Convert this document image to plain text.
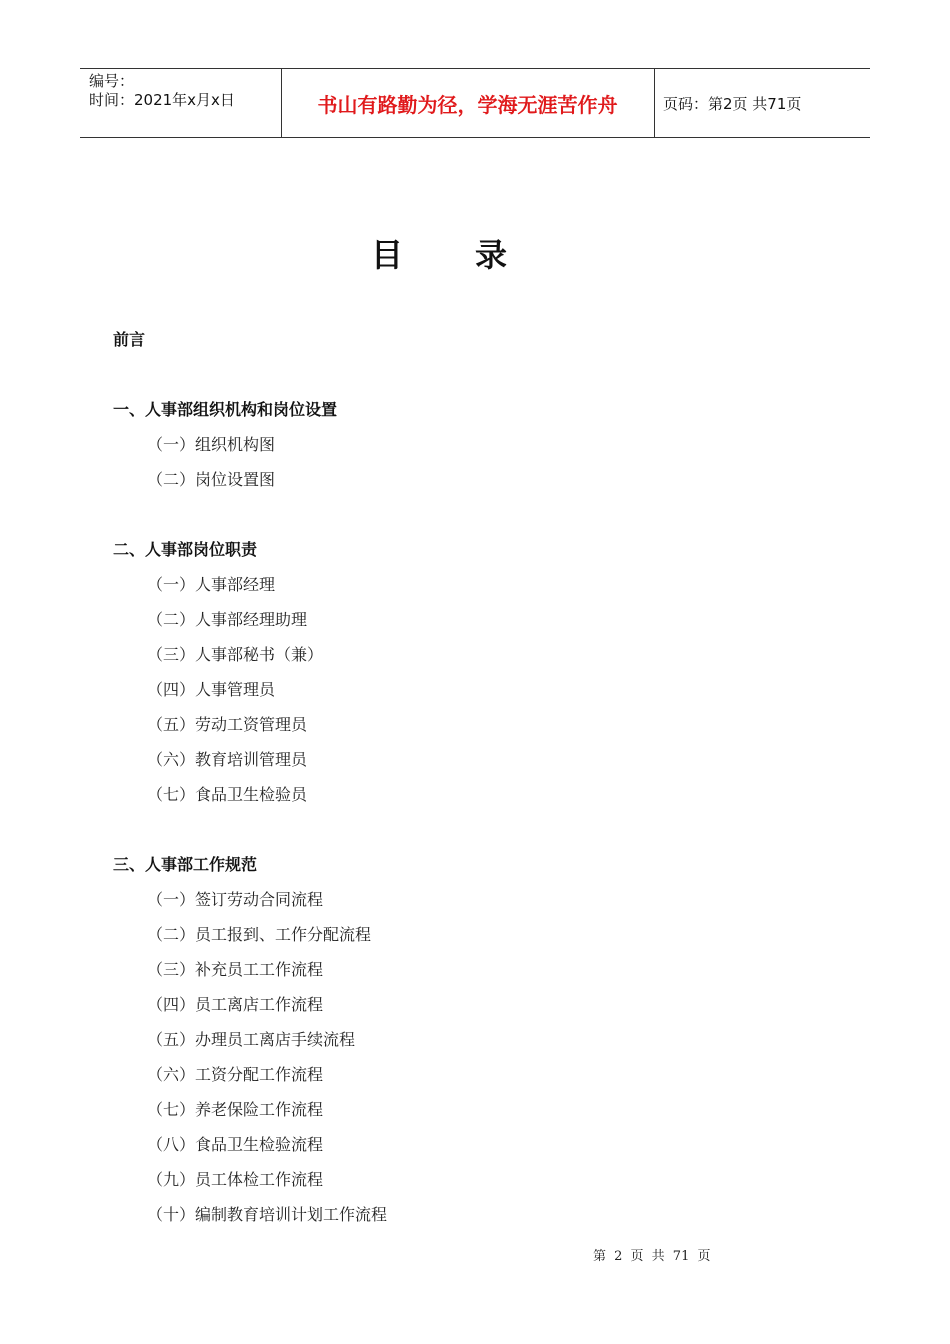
编号：
时间：2021年x月x日	书山有路勤为径，学海无涯苦作舟	页码：第2页 共71页
目录
前言
一、人事部组织机构和岗位设置
（一）组织机构图
（二）岗位设置图
二、人事部岗位职责
（一）人事部经理
（二）人事部经理助理
（三）人事部秘书（兼）
（四）人事管理员
（五）劳动工资管理员
（六）教育培训管理员
（七）食品卫生检验员
三、人事部工作规范
（一）签订劳动合同流程
（二）员工报到、工作分配流程
（三）补充员工工作流程
（四）员工离店工作流程
（五）办理员工离店手续流程
（六）工资分配工作流程
（七）养老保险工作流程
（八）食品卫生检验流程
（九）员工体检工作流程
（十）编制教育培训计划工作流程
第 2 页 共 71 页
